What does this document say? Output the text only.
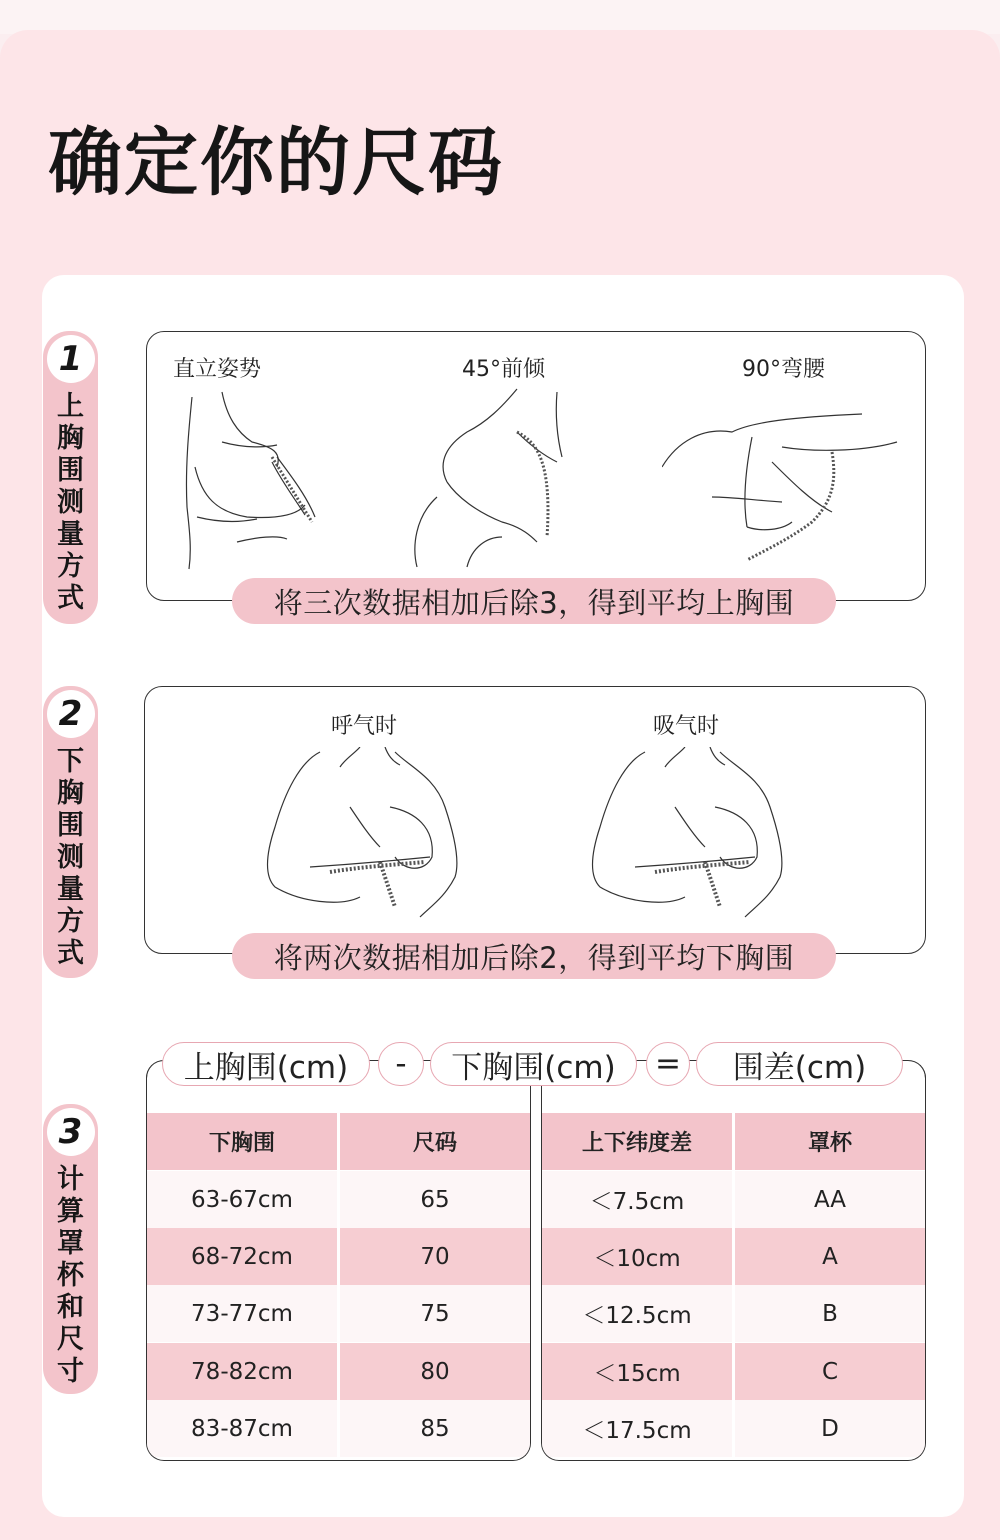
确定你的尺码
1
上胸围测量方式
2
下胸围测量方式
3
计算罩杯和尺寸
直立姿势	45°前倾	90°弯腰
将三次数据相加后除3，得到平均上胸围
呼气时	吸气时
将两次数据相加后除2，得到平均下胸围
下胸围	尺码
63-67cm	65
68-72cm	70
73-77cm	75
78-82cm	80
83-87cm	85
上下纬度差	罩杯
＜7.5cm	AA
＜10cm	A
＜12.5cm	B
＜15cm	C
＜17.5cm	D
上胸围(cm)	-	下胸围(cm)	=	围差(cm)
